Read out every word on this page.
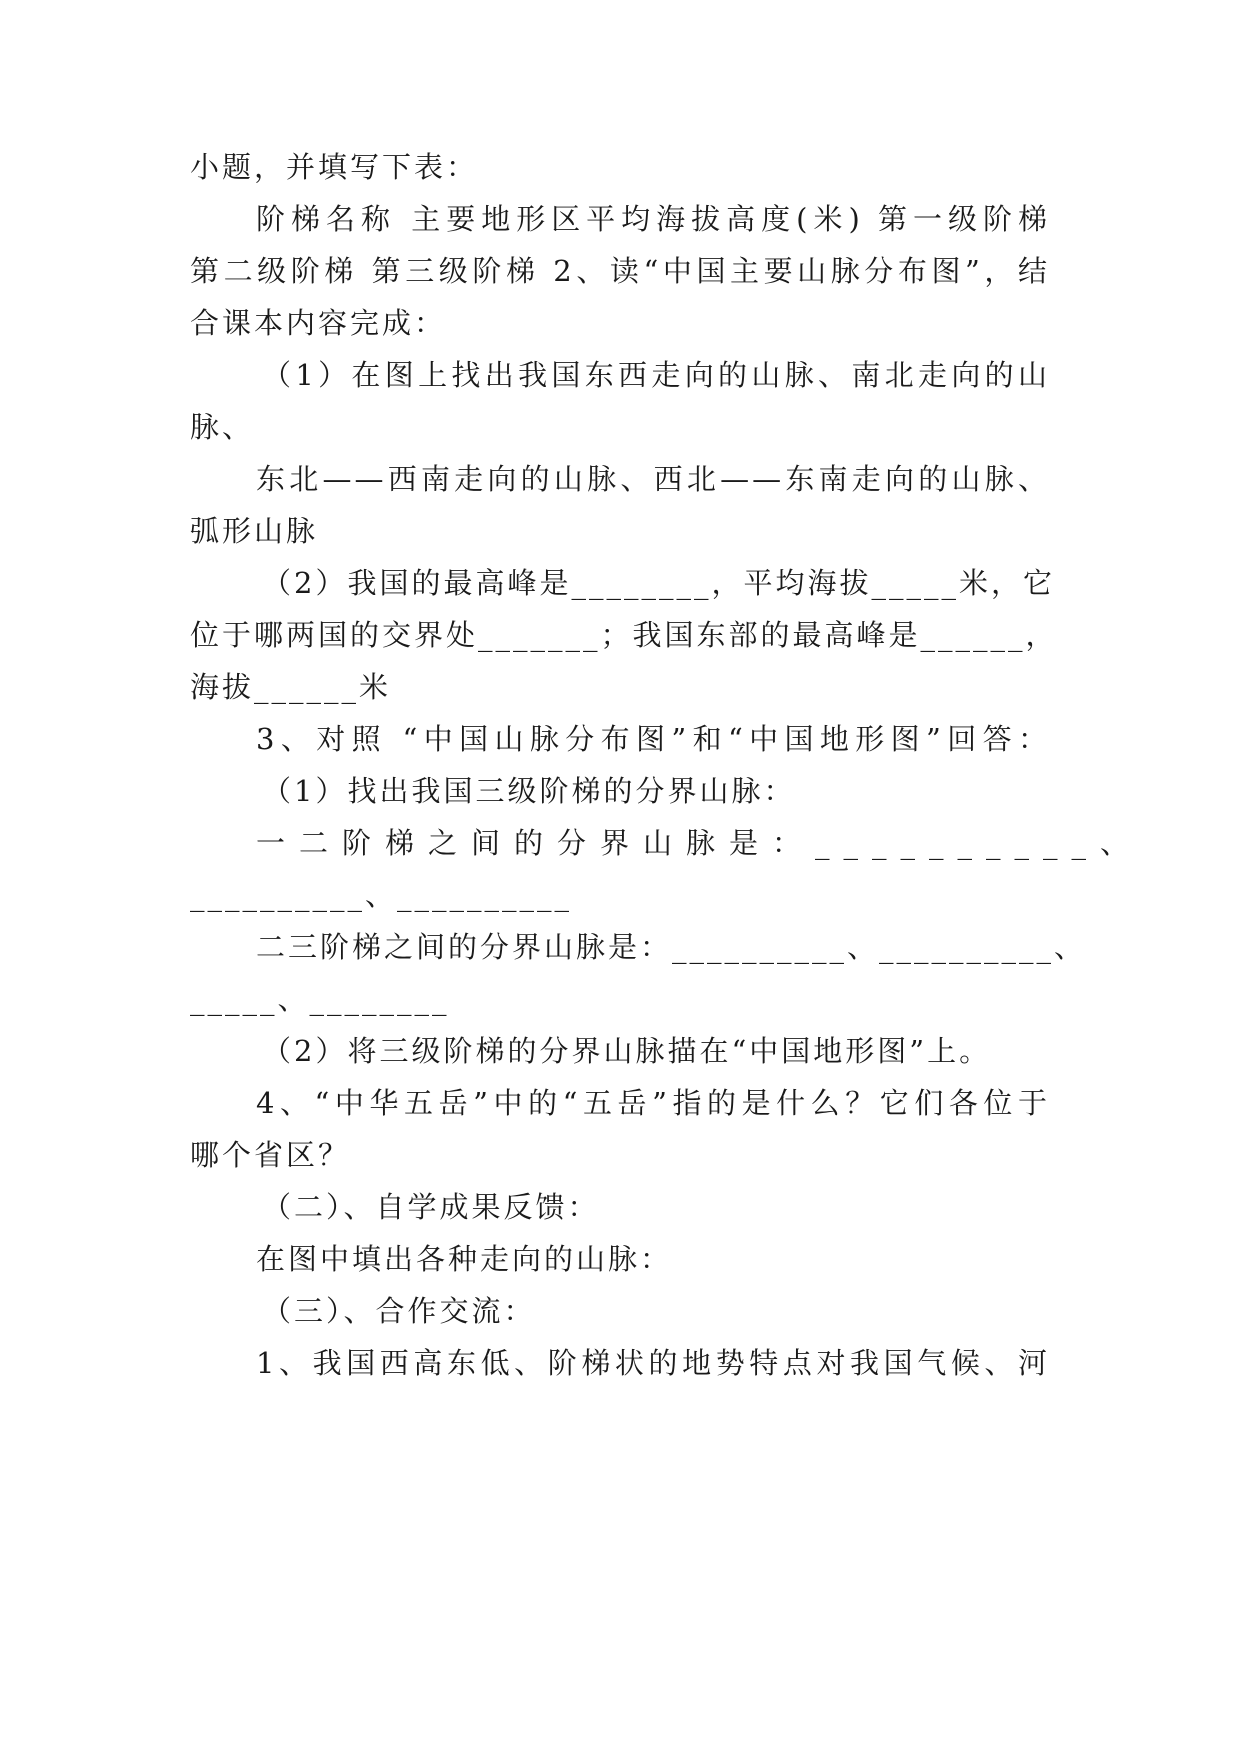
小题，并填写下表：
阶梯名称 主要地形区平均海拔高度(米) 第一级阶梯
第二级阶梯 第三级阶梯 2、读“中国主要山脉分布图”，结
合课本内容完成：
（1）在图上找出我国东西走向的山脉、南北走向的山
脉、
东北——西南走向的山脉、西北——东南走向的山脉、
弧形山脉
（2）我国的最高峰是________，平均海拔_____米，它
位于哪两国的交界处_______；我国东部的最高峰是______，
海拔______米
3、对照 “中国山脉分布图”和“中国地形图”回答：
（1）找出我国三级阶梯的分界山脉：
一二阶梯之间的分界山脉是：__________、
__________、__________
二三阶梯之间的分界山脉是：__________、__________、
_____、________
（2）将三级阶梯的分界山脉描在“中国地形图”上。
4、“中华五岳”中的“五岳”指的是什么？它们各位于
哪个省区？
（二）、自学成果反馈：
在图中填出各种走向的山脉：
（三）、合作交流：
1、我国西高东低、阶梯状的地势特点对我国气候、河
